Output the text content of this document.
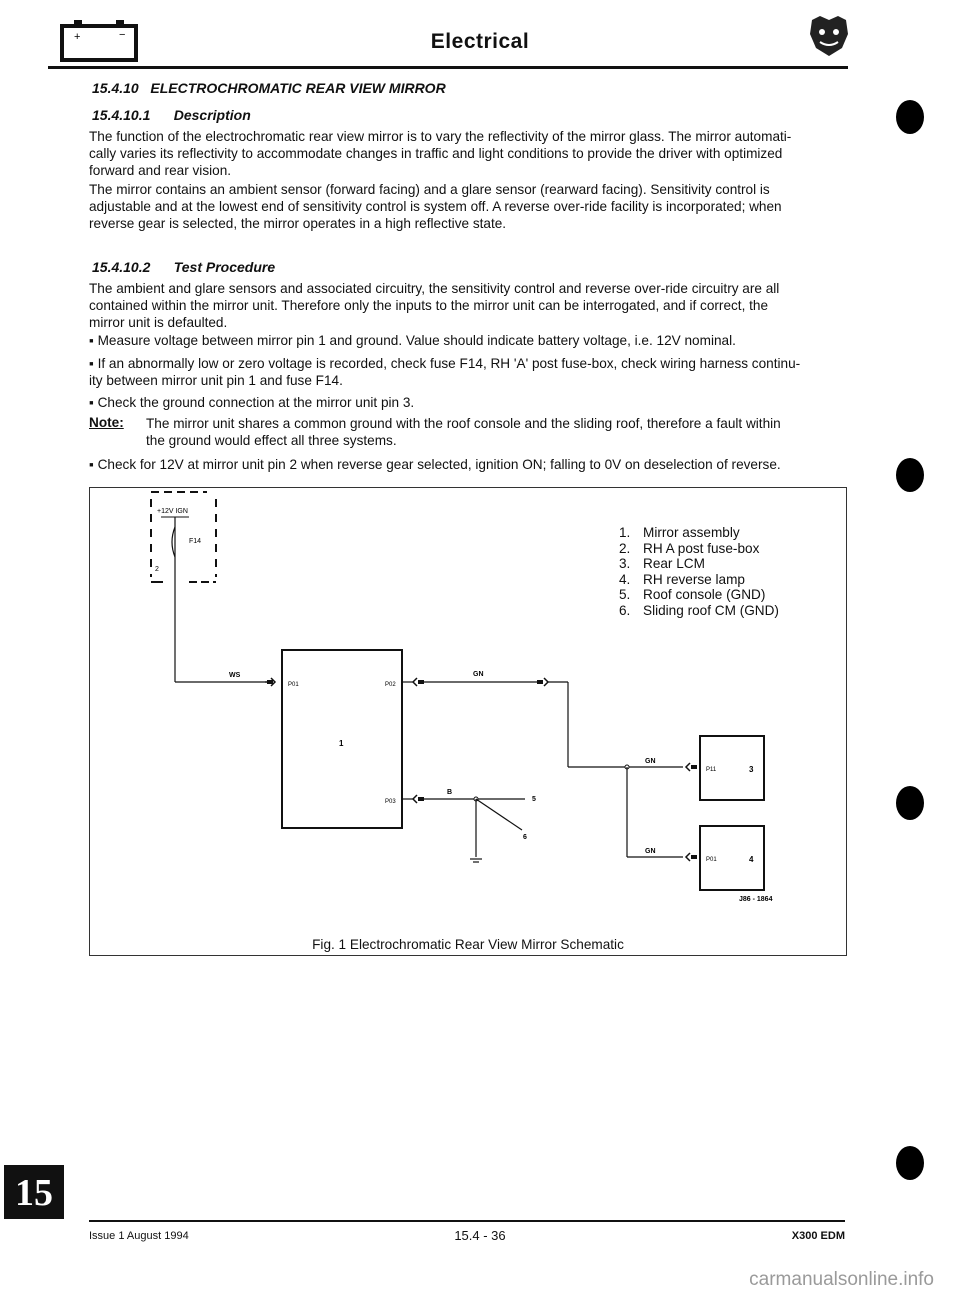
+	−	Electrical
15.4.10 ELECTROCHROMATIC REAR VIEW MIRROR
15.4.10.1 Description
The function of the electrochromatic rear view mirror is to vary the reflectivity of the mirror glass. The mirror automati-
cally varies its reflectivity to accommodate changes in traffic and light conditions to provide the driver with optimized
forward and rear vision.
The mirror contains an ambient sensor (forward facing) and a glare sensor (rearward facing). Sensitivity control is
adjustable and at the lowest end of sensitivity control is system off. A reverse over-ride facility is incorporated; when
reverse gear is selected, the mirror operates in a high reflective state.
15.4.10.2 Test Procedure
The ambient and glare sensors and associated circuitry, the sensitivity control and reverse over-ride circuitry are all
contained within the mirror unit. Therefore only the inputs to the mirror unit can be interrogated, and if correct, the
mirror unit is defaulted.
▪ Measure voltage between mirror pin 1 and ground. Value should indicate battery voltage, i.e. 12V nominal.
▪ If an abnormally low or zero voltage is recorded, check fuse F14, RH 'A' post fuse-box, check wiring harness continu-
ity between mirror unit pin 1 and fuse F14.
▪ Check the ground connection at the mirror unit pin 3.
Note: The mirror unit shares a common ground with the roof console and the sliding roof, therefore a fault within
the ground would effect all three systems.
▪ Check for 12V at mirror unit pin 2 when reverse gear selected, ignition ON; falling to 0V on deselection of reverse.
+12V IGN
F14
2
WS
P01	P02
1
P03
GN
GN
GN
P11	3
P01	4
B
5
6
J86 - 1864
1. Mirror assembly
2. RH A post fuse-box
3. Rear LCM
4. RH reverse lamp
5. Roof console (GND)
6. Sliding roof CM (GND)
Fig. 1 Electrochromatic Rear View Mirror Schematic
15
Issue 1 August 1994	15.4 - 36	X300 EDM
carmanualsonline.info
